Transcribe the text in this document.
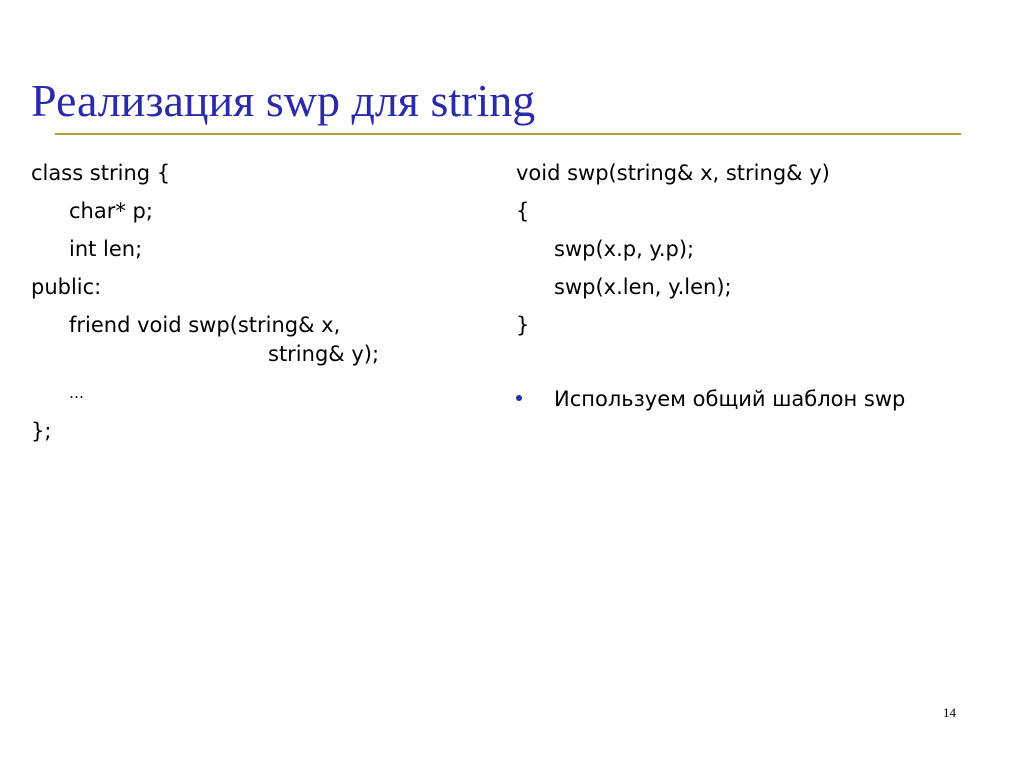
Реализация swp для string
class string {
char* p;
int len;
public:
friend void swp(string& x,
string& y);
…
};
void swp(string& x, string& y)
{
swp(x.p, y.p);
swp(x.len, y.len);
}
Используем общий шаблон swp
14
